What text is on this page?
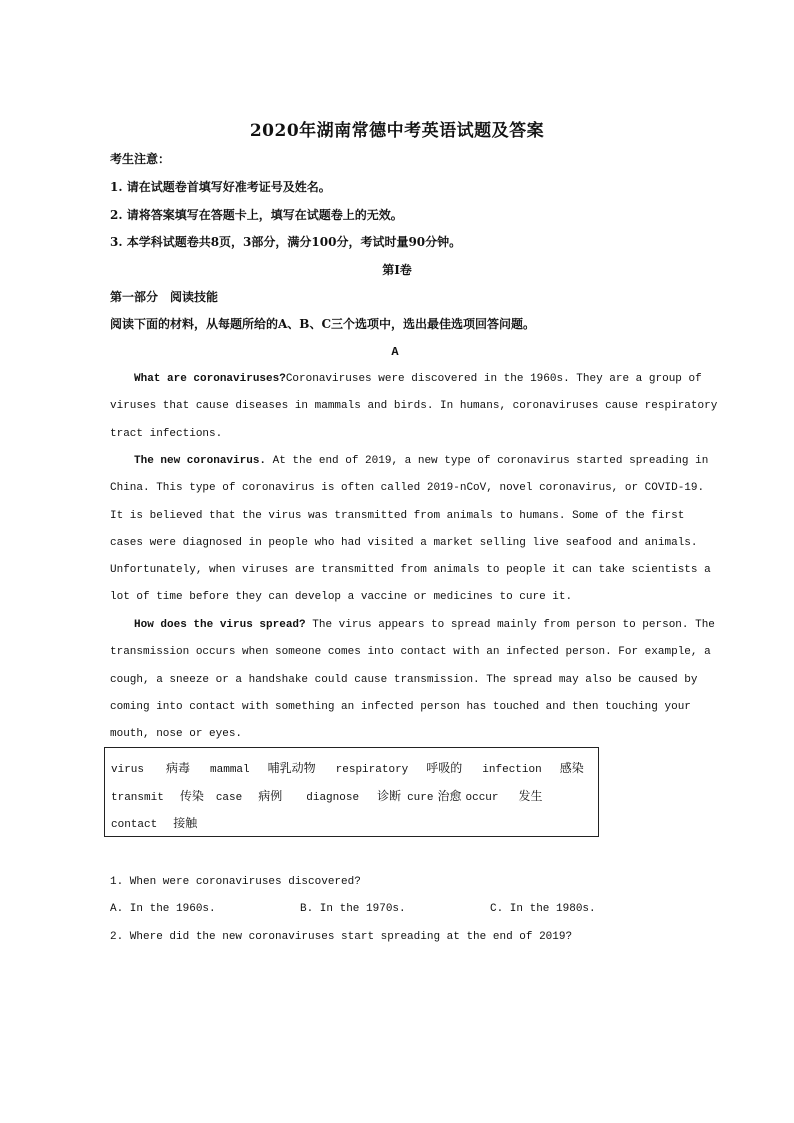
2020年湖南常德中考英语试题及答案
考生注意：
1. 请在试题卷首填写好准考证号及姓名。
2. 请将答案填写在答题卡上，填写在试题卷上的无效。
3. 本学科试题卷共8页，3部分，满分100分，考试时量90分钟。
第Ⅰ卷
第一部分　阅读技能
阅读下面的材料，从每题所给的A、B、C三个选项中，选出最佳选项回答问题。
A
What are coronaviruses?Coronaviruses were discovered in the 1960s. They are a group of
viruses that cause diseases in mammals and birds. In humans, coronaviruses cause respiratory
tract infections.
The new coronavirus. At the end of 2019, a new type of coronavirus started spreading in
China. This type of coronavirus is often called 2019-nCoV, novel coronavirus, or COVID-19.
It is believed that the virus was transmitted from animals to humans. Some of the first
cases were diagnosed in people who had visited a market selling live seafood and animals.
Unfortunately, when viruses are transmitted from animals to people it can take scientists a
lot of time before they can develop a vaccine or medicines to cure it.
How does the virus spread? The virus appears to spread mainly from person to person. The
transmission occurs when someone comes into contact with an infected person. For example, a
cough, a sneeze or a handshake could cause transmission. The spread may also be caused by
coming into contact with something an infected person has touched and then touching your
mouth, nose or eyes.
virus 病毒 mammal 哺乳动物 respiratory 呼吸的 infection 感染
transmit 传染 case 病例 diagnose 诊断 cure 治愈 occur 发生
contact 接触
1. When were coronaviruses discovered?
A. In the 1960s.	B. In the 1970s.	C. In the 1980s.
2. Where did the new coronaviruses start spreading at the end of 2019?
